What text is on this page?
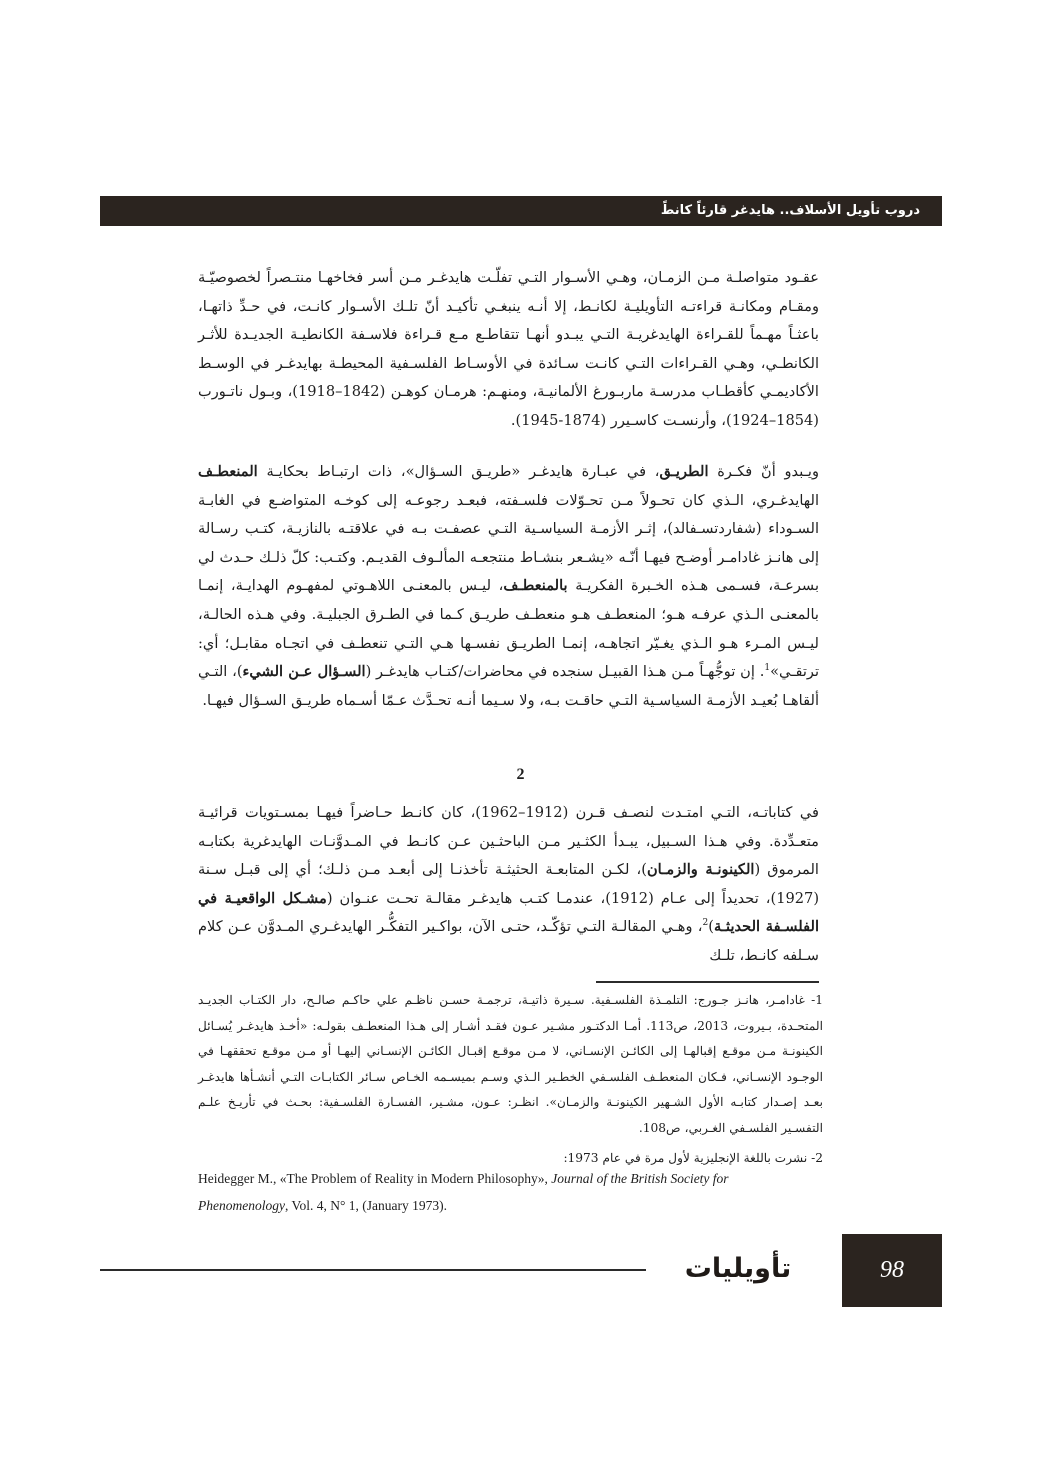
دروب تأويل الأسلاف.. هايدغر قارئاً كانطً

عقـود متواصلـة مـن الزمـان، وهـي الأسـوار التـي تفلّـت هايدغـر مـن أسر فخاخهـا منتـصراً لخصوصيّـة ومقـام ومكانـة قراءتـه التأويليـة لكانـط، إلا أنـه ينبغـي تأكيـد أنّ تلـك الأسـوار كانـت، في حـدِّ ذاتهـا، باعثـاً مهـماً للقـراءة الهايدغريـة التـي يبـدو أنهـا تتقاطـع مـع قـراءة فلاسـفة الكانطيـة الجديـدة للأثـر الكانطـي، وهـي القـراءات التـي كانـت سـائدة في الأوسـاط الفلسـفية المحيطـة بهايدغـر في الوسـط الأكاديمـي كأقطـاب مدرسـة ماربـورغ الألمانيـة، ومنهـم: هرمـان كوهـن (1842–1918)، وبـول ناتـورب (1854–1924)، وأرنسـت كاسـيرر (1874-1945).

ويـبدو أنّ فكـرة الطريـق، في عبـارة هايدغـر «طريـق السـؤال»، ذات ارتبـاط بحكايـة المنعطـف الهايدغـري، الـذي كان تحـولاً مـن تحـوّلات فلسـفته، فبعـد رجوعـه إلى كوخـه المتواضـع في الغابـة السـوداء (شفاردتسـفالد)، إثـر الأزمـة السياسـية التـي عصفـت بـه في علاقتـه بالنازيـة، كتـب رسـالة إلى هانـز غادامـر أوضـح فيهـا أنّـه «يشـعر بنشـاط منتجعـه المألـوف القديـم. وكتـب: كلّ ذلـك حـدث لي بسرعـة، فسـمى هـذه الخـبرة الفكريـة بالمنعطـف، ليـس بالمعنـى اللاهـوتي لمفهـوم الهدايـة، إنمـا بالمعنـى الـذي عرفـه هـو؛ المنعطـف هـو منعطـف طريـق كـما في الطـرق الجبليـة. وفي هـذه الحالـة، ليـس المـرء هـو الـذي يغـيّر اتجاهـه، إنمـا الطريـق نفسـها هـي التـي تنعطـف في اتجـاه مقابـل؛ أي: ترتقـي»$^1$. إن توجُّهـاً مـن هـذا القبيـل سنجده في محاضرات/كتـاب هايدغـر (السـؤال عـن الشيء)، التـي ألقاهـا بُعيـد الأزمـة السياسـية التـي حاقـت بـه، ولا سـيما أنـه تحـدَّث عـمّا أسـماه طريـق السـؤال فيهـا.

2

في كتاباتـه، التـي امتـدت لنصـف قـرن (1912–1962)، كان كانـط حـاضراً فيهـا بمسـتويات قرائيـة متعـدِّدة. وفي هـذا السـبيل، يبـدأ الكثـير مـن الباحثـين عـن كانـط في المـدوَّنـات الهايدغرية بكتابـه المرموق (الكينونـة والزمـان)، لكـن المتابعـة الحثيثـة تأخذنـا إلى أبعـد مـن ذلـك؛ أي إلى قبـل سـنة (1927)، تحديداً إلى عـام (1912)، عندمـا كتـب هايدغـر مقالـة تحـت عنـوان (مشـكل الواقعيـة في الفلسـفة الحديثـة)$^2$، وهـي المقالـة التـي تؤكّـد، حتـى الآن، بواكـير التفكُّـر الهايدغـري المـدوَّن عـن كلام سـلفه كانـط، تلـك

1- غادامـر، هانـز جـورج: التلمـذة الفلسـفية. سـيرة ذاتيـة، ترجمـة حسـن ناظـم علي حاكـم صالـح، دار الكتـاب الجديـد المتحـدة، بـيروت، 2013، ص113. أمـا الدكتـور مشـير عـون فقـد أشـار إلى هـذا المنعطـف بقولـه: «أخـذ هايدغـر يُسـائل الكينونـة مـن موقـع إقبالهـا إلى الكائـن الإنسـاني، لا مـن موقـع إقبـال الكائـن الإنسـاني إليهـا أو مـن موقـع تحققهـا في الوجـود الإنسـاني، فـكان المنعطـف الفلسـفي الخطـير الـذي وسـم بميسـمه الخـاص سـائر الكتابـات التـي أنشـأها هايدغـر بعـد إصـدار كتابـه الأول الشـهير الكينونـة والزمـان». انظـر: عـون، مشـير، الفسـارة الفلسـفية: بحـث في تأريـخ علـم التفسـير الفلسـفي الغـربي، ص108.

2- نشرت باللغة الإنجليزية لأول مرة في عام 1973:

Heidegger M., «The Problem of Reality in Modern Philosophy», Journal of the British Society for Phenomenology, Vol. 4, N° 1, (January 1973).
تأويليات	98
